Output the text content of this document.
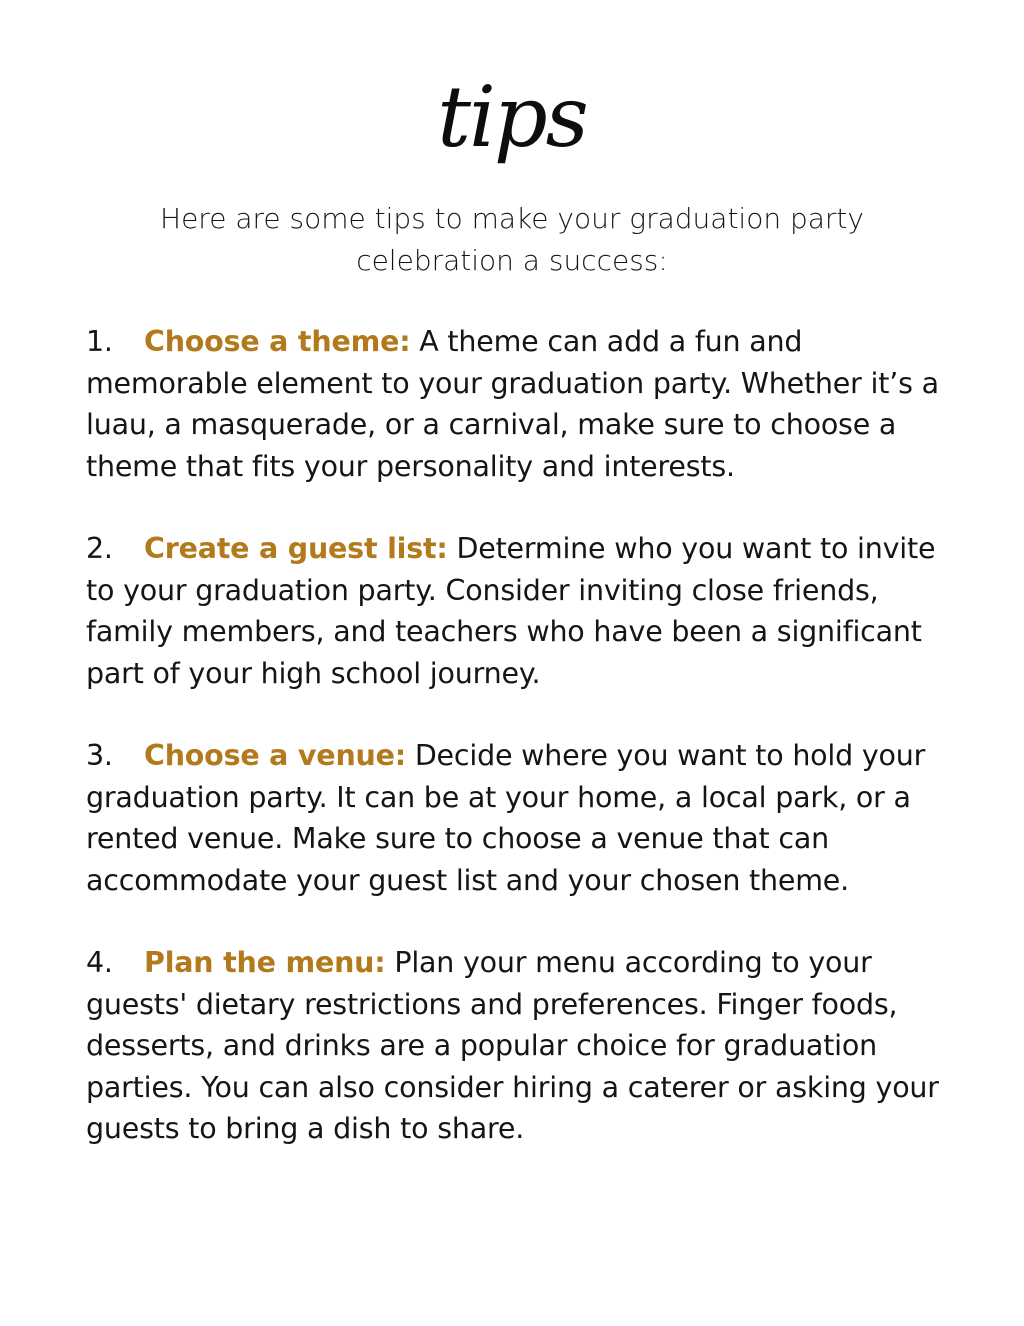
tips
Here are some tips to make your graduation party celebration a success:
1. Choose a theme: A theme can add a fun and memorable element to your graduation party. Whether it’s a luau, a masquerade, or a carnival, make sure to choose a theme that fits your personality and interests.
2. Create a guest list: Determine who you want to invite to your graduation party. Consider inviting close friends, family members, and teachers who have been a significant part of your high school journey.
3. Choose a venue: Decide where you want to hold your graduation party. It can be at your home, a local park, or a rented venue. Make sure to choose a venue that can accommodate your guest list and your chosen theme.
4. Plan the menu: Plan your menu according to your guests' dietary restrictions and preferences. Finger foods, desserts, and drinks are a popular choice for graduation parties. You can also consider hiring a caterer or asking your guests to bring a dish to share.
